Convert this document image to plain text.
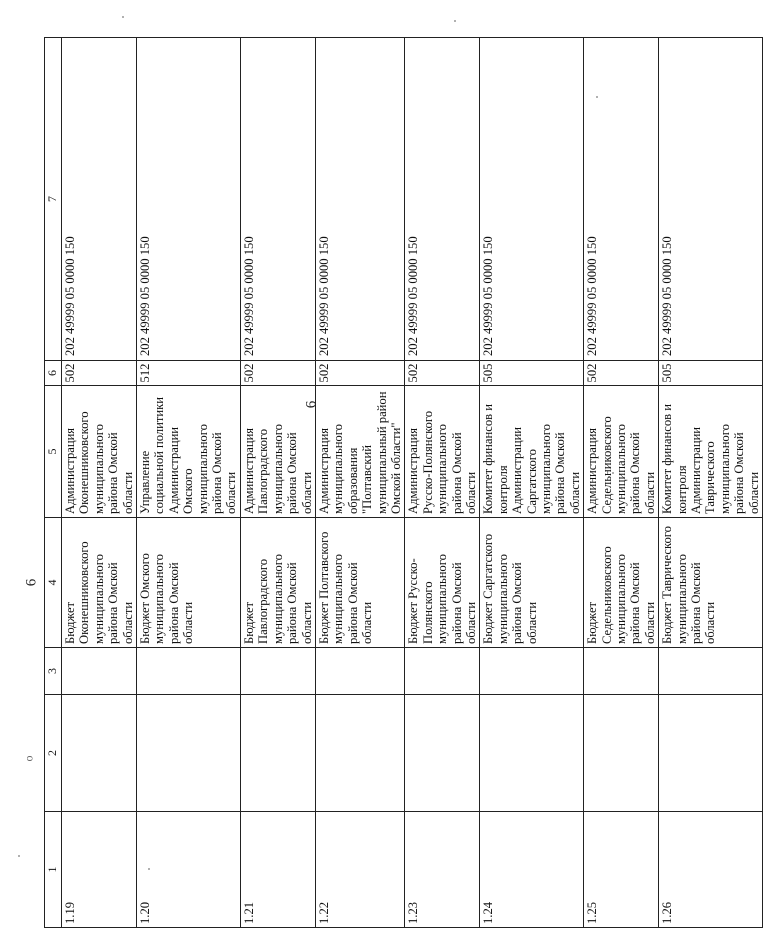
о
6
6
1	2	3	4	5	6	7
1.19			Бюджет Оконешниковского муниципального района Омской области	Администрация Оконешниковского муниципального района Омской области	502	202 49999 05 0000 150
1.20			Бюджет Омского муниципального района Омской области	Управление социальной политики Администрации Омского муниципального района Омской области	512	202 49999 05 0000 150
1.21			Бюджет Павлоградского муниципального района Омской области	Администрация Павлоградского муниципального района Омской области	502	202 49999 05 0000 150
1.22			Бюджет Полтавского муниципального района Омской области	Администрация муниципального образования "Полтавский муниципальный район Омской области"	502	202 49999 05 0000 150
1.23			Бюджет Русско-Полянского муниципального района Омской области	Администрация Русско-Полянского муниципального района Омской области	502	202 49999 05 0000 150
1.24			Бюджет Саргатского муниципального района Омской области	Комитет финансов и контроля Администрации Саргатского муниципального района Омской области	505	202 49999 05 0000 150
1.25			Бюджет Седельниковского муниципального района Омской области	Администрация Седельниковского муниципального района Омской области	502	202 49999 05 0000 150
1.26			Бюджет Таврического муниципального района Омской области	Комитет финансов и контроля Администрации Таврического муниципального района Омской области	505	202 49999 05 0000 150
